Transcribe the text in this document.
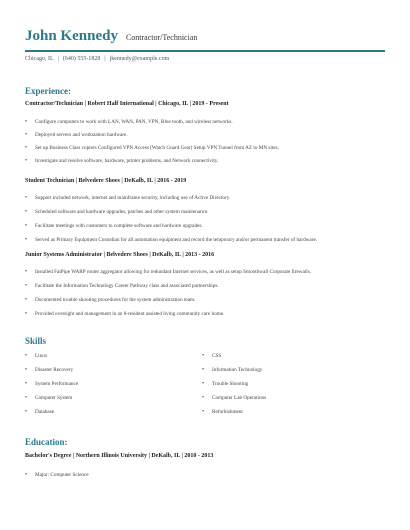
John Kennedy Contractor/Technician
Chicago, IL | (640) 555-1828 | jkennedy@example.com
Experience:
Contractor/Technician | Robert Half International | Chicago, IL | 2019 - Present
• Configure computers to work with LAN, WAN, PAN, VPN, Blue tooth, and wireless networks.
• Deployed servers and workstation hardware.
• Set up Business Class copiers Configured VPN Access (Watch Guard Gear) Setup VPN Tunnel from AZ to MN sites.
• Investigate and resolve software, hardware, printer problems, and Network connectivity.
Student Technician | Belvedere Shoes | DeKalb, IL | 2016 - 2019
• Support included network, internet and mainframe security, including use of Active Directory.
• Scheduled software and hardware upgrades, patches and other system maintenance.
• Facilitate meetings with customers to complete software and hardware upgrades.
• Served as Primary Equipment Custodian for all automation equipment and record the temporary and/or permanent transfer of hardware.
Junior Systems Administrator | Belvedere Shoes | DeKalb, IL | 2013 - 2016
• Installed FatPipe WARP router aggregator allowing for redundant Internet services, as well as setup Smoothwall Corporate firewalls.
• Facilitate the Information Technology Career Pathway class and associated partnerships.
• Documented trouble shooting procedures for the system administration team.
• Provided oversight and management in an 8-resident assisted living community care home.
Skills
• Linux
• Disaster Recovery
• System Performance
• Computer System
• Database
• CSS
• Information Technology
• Trouble Shooting
• Computer Lab Operations
• Refurbishment
Education:
Bachelor's Degree | Northern Illinois University | DeKalb, IL | 2010 - 2013
• Major: Computer Science
